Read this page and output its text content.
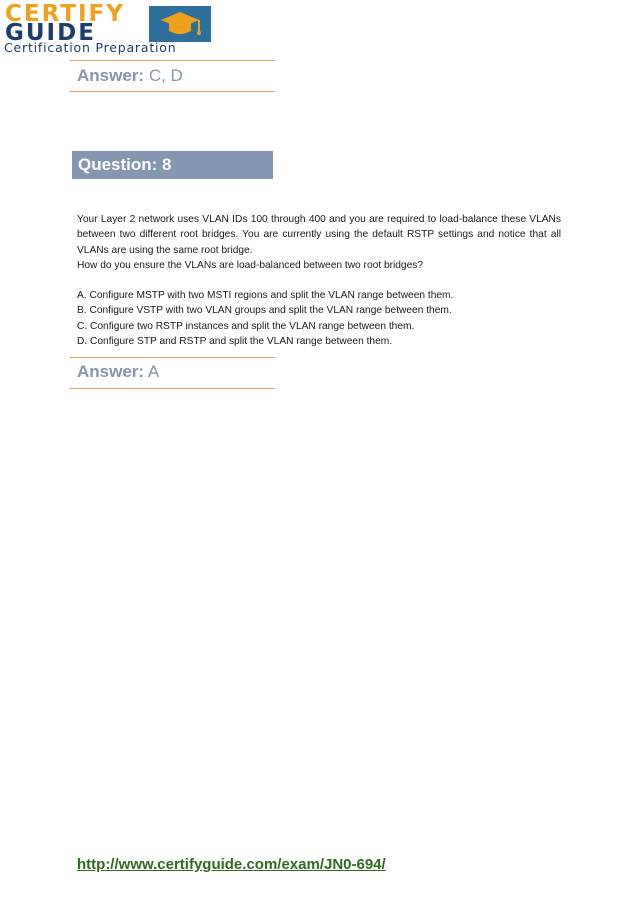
CERTIFY
GUIDE
Certification Preparation
Answer: C, D
Question: 8

Your Layer 2 network uses VLAN IDs 100 through 400 and you are required to load-balance these VLANs between two different root bridges. You are currently using the default RSTP settings and notice that all VLANs are using the same root bridge.

How do you ensure the VLANs are load-balanced between two root bridges?
A. Configure MSTP with two MSTI regions and split the VLAN range between them.
B. Configure VSTP with two VLAN groups and split the VLAN range between them.
C. Configure two RSTP instances and split the VLAN range between them.
D. Configure STP and RSTP and split the VLAN range between them.
Answer: A
http://www.certifyguide.com/exam/JN0-694/
